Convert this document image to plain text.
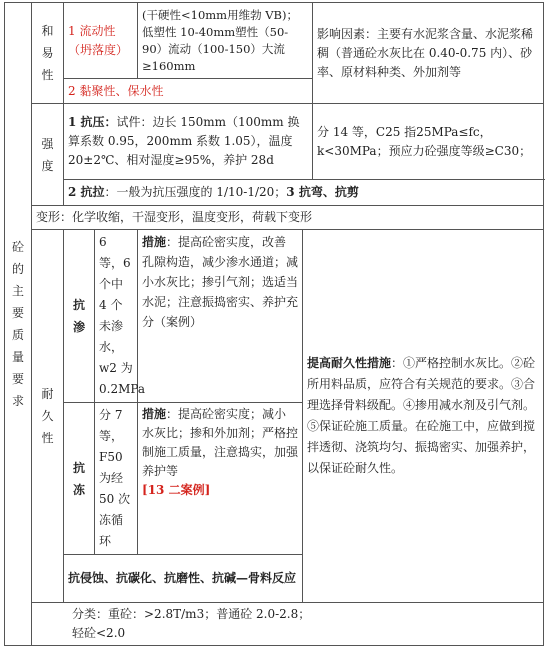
砼的主要质量要求	和易性	1 流动性（坍落度）		(干硬性<10mm用维勃 VB)；低塑性 10-40mm塑性（50-90）流动（100-150）大流≥160mm		影响因素：主要有水泥浆含量、水泥浆稀稠（普通砼水灰比在 0.40-0.75 内）、砂率、原材料种类、外加剂等
		2 黏聚性、保水性				

	强度	1 抗压：试件：边长 150mm（100mm 换算系数 0.95，200mm 系数 1.05），温度 20±2℃、相对湿度≥95%，养护 28d				分 14 等，C25 指25MPa≤fc，k<30MPa；预应力砼强度等级≥C30；
		2 抗拉：一般为抗压强度的 1/10-1/20；3 抗弯、抗剪				
	变形：化学收缩，干湿变形，温度变形，荷载下变形					

	耐久性	抗渗	6 等，6 个中 4 个未渗水，w2 为 0.2MPa	措施：提高砼密实度，改善孔隙构造，减少渗水通道；减小水灰比；掺引气剂；选适当水泥；注意振捣密实、养护充分（案例）	提高耐久性措施：①严格控制水灰比。②砼所用料品质，应符合有关规范的要求。③合理选择骨料级配。④掺用减水剂及引气剂。⑤保证砼施工质量。在砼施工中，应做到搅拌透彻、浇筑均匀、振捣密实、加强养护，以保证砼耐久性。	

		抗冻	分 7 等，F50 为经 50 次冻循环	措施：提高砼密实度；减小水灰比；掺和外加剂；严格控制施工质量，注意捣实，加强养护等
[13 二案例]		
		抗侵蚀、抗碳化、抗磨性、抗碱—骨料反应				
	分类：重砼：>2.8T/m3；普通砼 2.0-2.8；轻砼<2.0					
